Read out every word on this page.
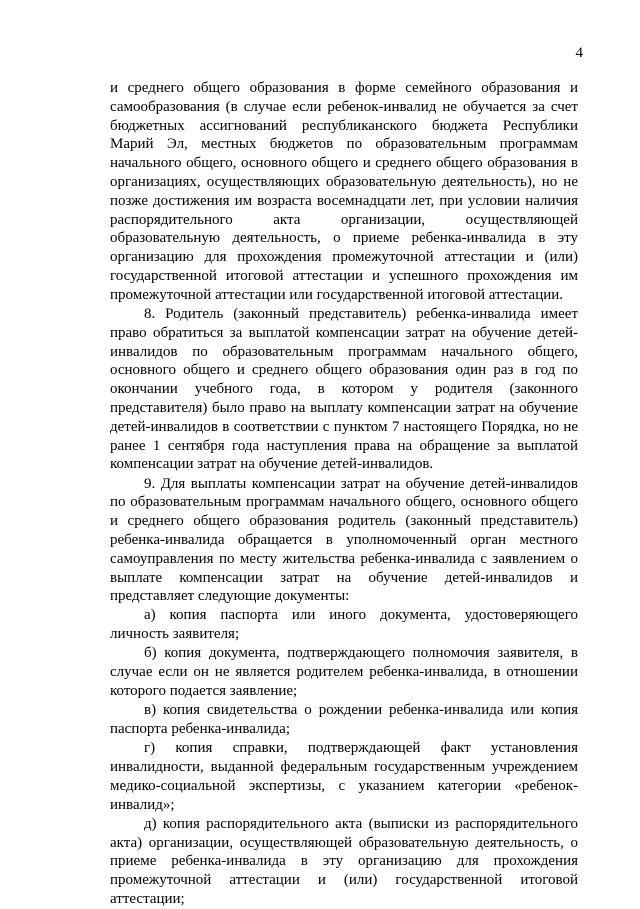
4

и среднего общего образования в форме семейного образования и самообразования (в случае если ребенок-инвалид не обучается за счет бюджетных ассигнований республиканского бюджета Республики Марий Эл, местных бюджетов по образовательным программам начального общего, основного общего и среднего общего образования в организациях, осуществляющих образовательную деятельность), но не позже достижения им возраста восемнадцати лет, при условии наличия распорядительного акта организации, осуществляющей образовательную деятельность, о приеме ребенка-инвалида в эту организацию для прохождения промежуточной аттестации и (или) государственной итоговой аттестации и успешного прохождения им промежуточной аттестации или государственной итоговой аттестации.

8. Родитель (законный представитель) ребенка-инвалида имеет право обратиться за выплатой компенсации затрат на обучение детей-инвалидов по образовательным программам начального общего, основного общего и среднего общего образования один раз в год по окончании учебного года, в котором у родителя (законного представителя) было право на выплату компенсации затрат на обучение детей-инвалидов в соответствии с пунктом 7 настоящего Порядка, но не ранее 1 сентября года наступления права на обращение за выплатой компенсации затрат на обучение детей-инвалидов.

9. Для выплаты компенсации затрат на обучение детей-инвалидов по образовательным программам начального общего, основного общего и среднего общего образования родитель (законный представитель) ребенка-инвалида обращается в уполномоченный орган местного самоуправления по месту жительства ребенка-инвалида с заявлением о выплате компенсации затрат на обучение детей-инвалидов и представляет следующие документы:

а) копия паспорта или иного документа, удостоверяющего личность заявителя;

б) копия документа, подтверждающего полномочия заявителя, в случае если он не является родителем ребенка-инвалида, в отношении которого подается заявление;

в) копия свидетельства о рождении ребенка-инвалида или копия паспорта ребенка-инвалида;

г) копия справки, подтверждающей факт установления инвалидности, выданной федеральным государственным учреждением медико-социальной экспертизы, с указанием категории «ребенок-инвалид»;

д) копия распорядительного акта (выписки из распорядительного акта) организации, осуществляющей образовательную деятельность, о приеме ребенка-инвалида в эту организацию для прохождения промежуточной аттестации и (или) государственной итоговой аттестации;
